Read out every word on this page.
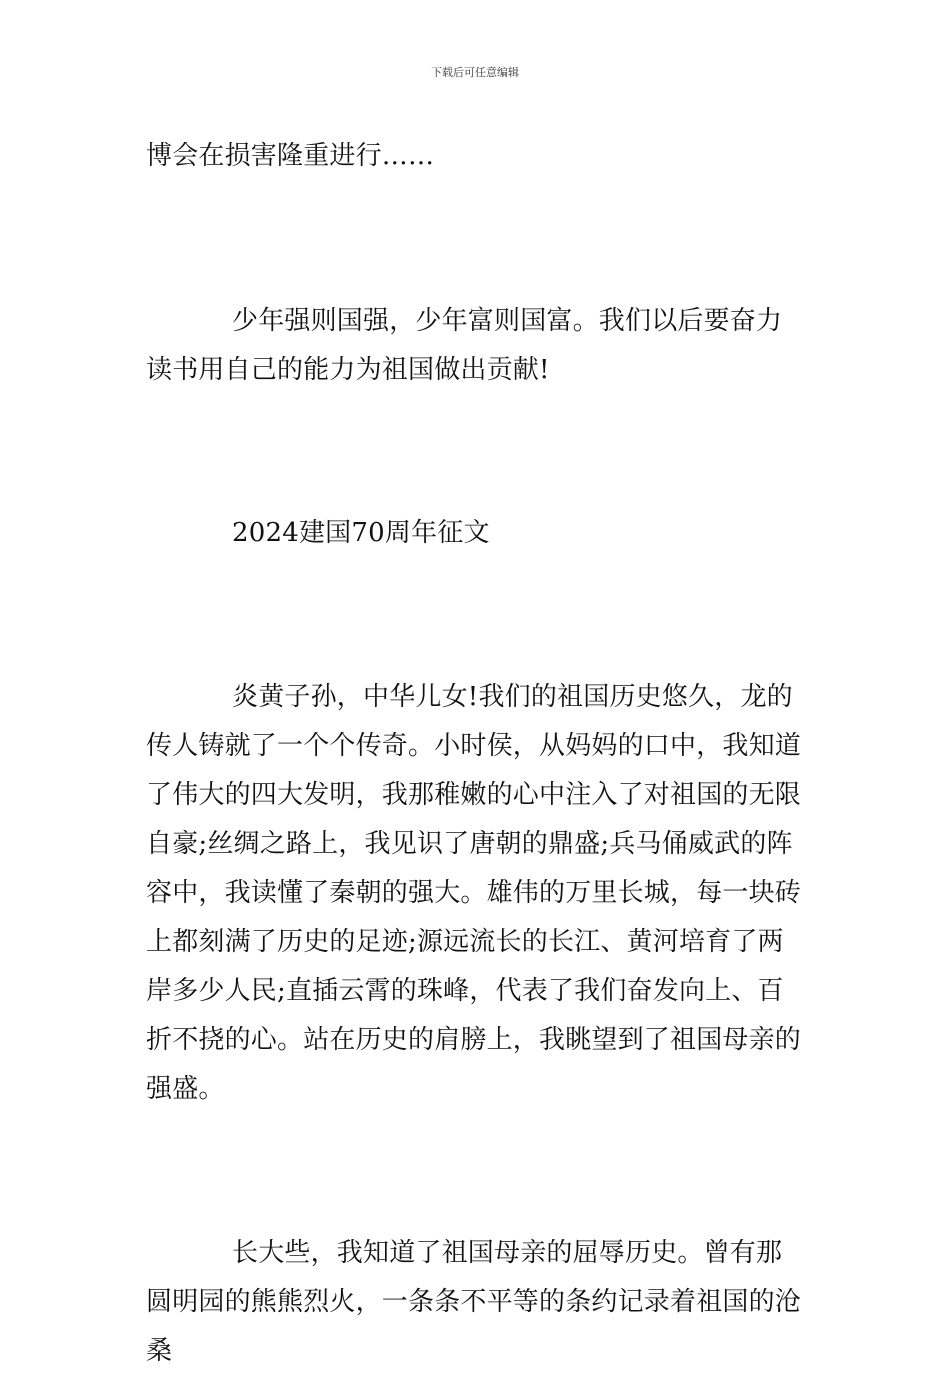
下载后可任意编辑

博会在损害隆重进行……

少年强则国强，少年富则国富。我们以后要奋力读书用自己的能力为祖国做出贡献!

2024建国70周年征文

炎黄子孙，中华儿女!我们的祖国历史悠久，龙的传人铸就了一个个传奇。小时侯，从妈妈的口中，我知道了伟大的四大发明，我那稚嫩的心中注入了对祖国的无限自豪;丝绸之路上，我见识了唐朝的鼎盛;兵马俑威武的阵容中，我读懂了秦朝的强大。雄伟的万里长城，每一块砖上都刻满了历史的足迹;源远流长的长江、黄河培育了两岸多少人民;直插云霄的珠峰，代表了我们奋发向上、百折不挠的心。站在历史的肩膀上，我眺望到了祖国母亲的强盛。

长大些，我知道了祖国母亲的屈辱历史。曾有那圆明园的熊熊烈火，一条条不平等的条约记录着祖国的沧桑
